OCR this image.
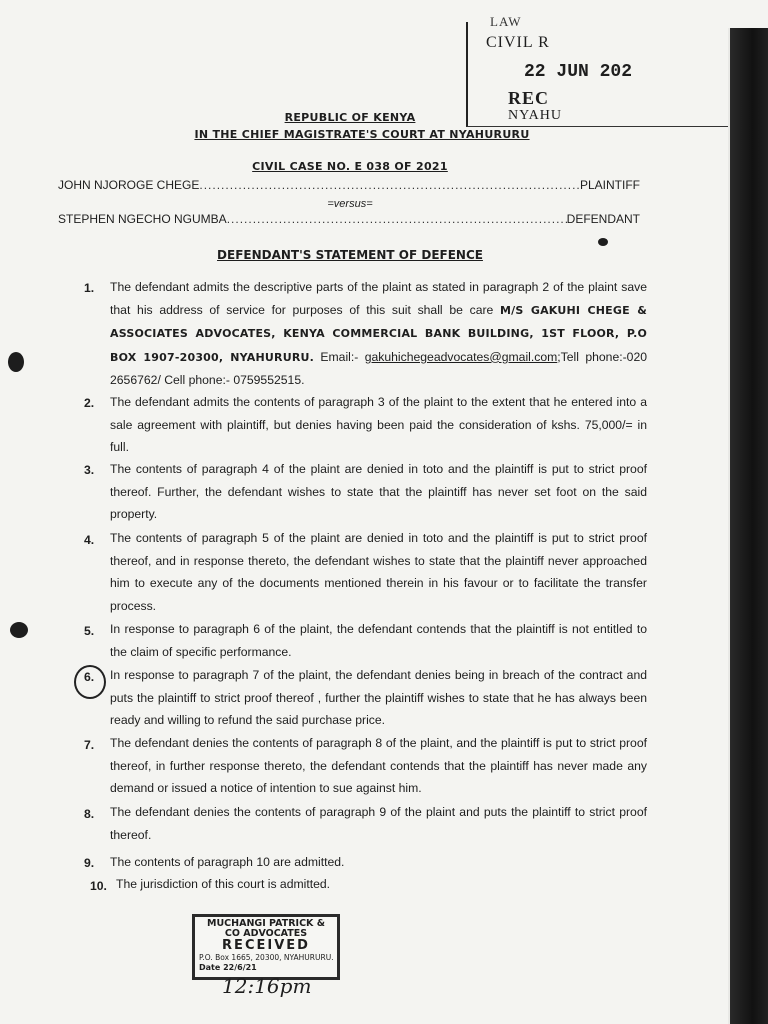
LAW
CIVIL R
22 JUN 202
REC
NYAHU
REPUBLIC OF KENYA
IN THE CHIEF MAGISTRATE'S COURT AT NYAHURURU
CIVIL CASE NO. E 038 OF 2021
JOHN NJOROGE CHEGE .....	PLAINTIFF
=versus=
STEPHEN NGECHO NGUMBA .....	DEFENDANT
DEFENDANT'S STATEMENT OF DEFENCE
1.	The defendant admits the descriptive parts of the plaint as stated in paragraph 2 of the plaint save that his address of service for purposes of this suit shall be care M/S GAKUHI CHEGE & ASSOCIATES ADVOCATES, KENYA COMMERCIAL BANK BUILDING, 1ST FLOOR, P.O BOX 1907-20300, NYAHURURU. Email:- gakuhichegeadvocates@gmail.com;Tell phone:-020 2656762/ Cell phone:- 0759552515.
2.	The defendant admits the contents of paragraph 3 of the plaint to the extent that he entered into a sale agreement with plaintiff, but denies having been paid the consideration of kshs. 75,000/= in full.
3.	The contents of paragraph 4 of the plaint are denied in toto and the plaintiff is put to strict proof thereof. Further, the defendant wishes to state that the plaintiff has never set foot on the said property.
4.	The contents of paragraph 5 of the plaint are denied in toto and the plaintiff is put to strict proof thereof, and in response thereto, the defendant wishes to state that the plaintiff never approached him to execute any of the documents mentioned therein in his favour or to facilitate the transfer process.
5.	In response to paragraph 6 of the plaint, the defendant contends that the plaintiff is not entitled to the claim of specific performance.
6.	In response to paragraph 7 of the plaint, the defendant denies being in breach of the contract and puts the plaintiff to strict proof thereof , further the plaintiff wishes to state that he has always been ready and willing to refund the said purchase price.
7.	The defendant denies the contents of paragraph 8 of the plaint, and the plaintiff is put to strict proof thereof, in further response thereto, the defendant contends that the plaintiff has never made any demand or issued a notice of intention to sue against him.
8.	The defendant denies the contents of paragraph 9 of the plaint and puts the plaintiff to strict proof thereof.
9.	The contents of paragraph 10 are admitted.
10. The jurisdiction of this court is admitted.
MUCHANGI PATRICK &
CO ADVOCATES
RECEIVED
P.O. Box 1665, 20300, NYAHURURU.
Date 22/6/21
12:16pm
